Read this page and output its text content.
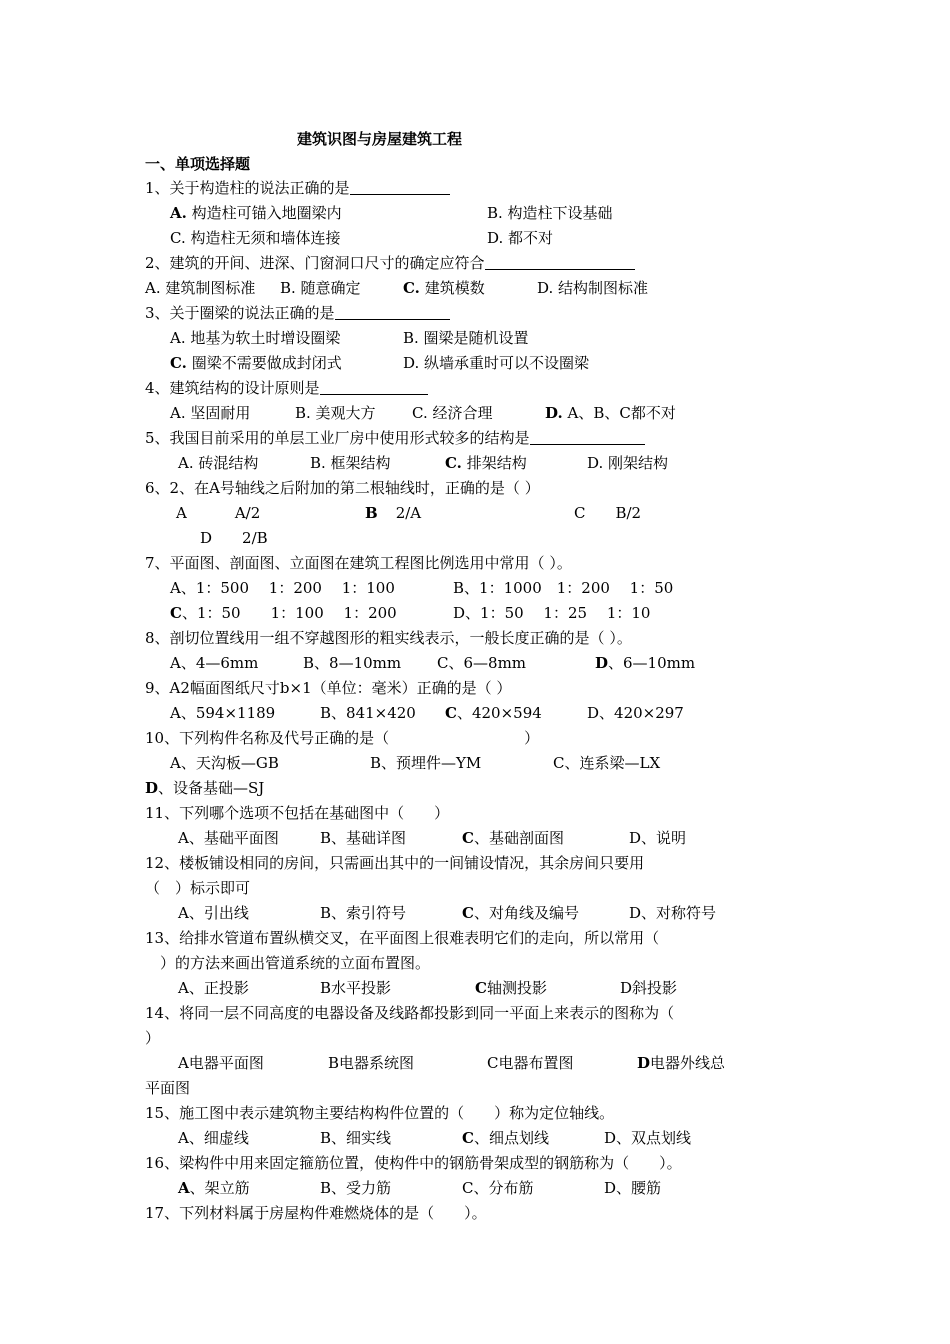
建筑识图与房屋建筑工程
一、单项选择题
1、关于构造柱的说法正确的是
A. 构造柱可锚入地圈梁内	B. 构造柱下设基础
C. 构造柱无须和墙体连接	D. 都不对
2、建筑的开间、进深、门窗洞口尺寸的确定应符合
A. 建筑制图标准 B. 随意确定	C. 建筑模数	D. 结构制图标准
3、关于圈梁的说法正确的是
A. 地基为软土时增设圈梁	B. 圈梁是随机设置
C. 圈梁不需要做成封闭式	D. 纵墙承重时可以不设圈梁
4、建筑结构的设计原则是
A. 坚固耐用	B. 美观大方 C. 经济合理	D. A、B、C都不对
5、我国目前采用的单层工业厂房中使用形式较多的结构是
A. 砖混结构	B. 框架结构	C. 排架结构	D. 刚架结构
6、2、在A号轴线之后附加的第二根轴线时，正确的是（ ）
A	A/2	B 2/A	C B/2
D 2/B
7、平面图、剖面图、立面图在建筑工程图比例选用中常用（ ）。
A、1：500　 1：200　 1：100	B、1：1000　1：200　 1：50
C、1：50　　1：100　 1：200	D、1：50　 1：25　 1：10
8、剖切位置线用一组不穿越图形的粗实线表示，一般长度正确的是（ ）。
A、4—6mm	B、8—10mm C、6—8mm	D、6—10mm
9、A2幅面图纸尺寸b×1（单位：毫米）正确的是（ ）
A、594×1189	B、841×420 C、420×594	D、420×297
10、下列构件名称及代号正确的是（　　　　　　　　　）
A、天沟板—GB	B、预埋件—YM	C、连系梁—LX
D、设备基础—SJ
11、下列哪个选项不包括在基础图中（　　）
A、基础平面图	B、基础详图	C、基础剖面图	D、说明
12、楼板铺设相同的房间，只需画出其中的一间铺设情况，其余房间只要用
（　）标示即可
A、引出线	B、索引符号	C、对角线及编号	D、对称符号
13、给排水管道布置纵横交叉，在平面图上很难表明它们的走向，所以常用（
　）的方法来画出管道系统的立面布置图。
A、正投影	B水平投影	C轴测投影	D斜投影
14、将同一层不同高度的电器设备及线路都投影到同一平面上来表示的图称为（
）
A电器平面图	B电器系统图	C电器布置图	D电器外线总
平面图
15、施工图中表示建筑物主要结构构件位置的（　　）称为定位轴线。
A、细虚线	B、细实线	C、细点划线	D、双点划线
16、梁构件中用来固定箍筋位置，使构件中的钢筋骨架成型的钢筋称为（　　）。
A、架立筋	B、受力筋	C、分布筋	D、腰筋
17、下列材料属于房屋构件难燃烧体的是（　　）。
